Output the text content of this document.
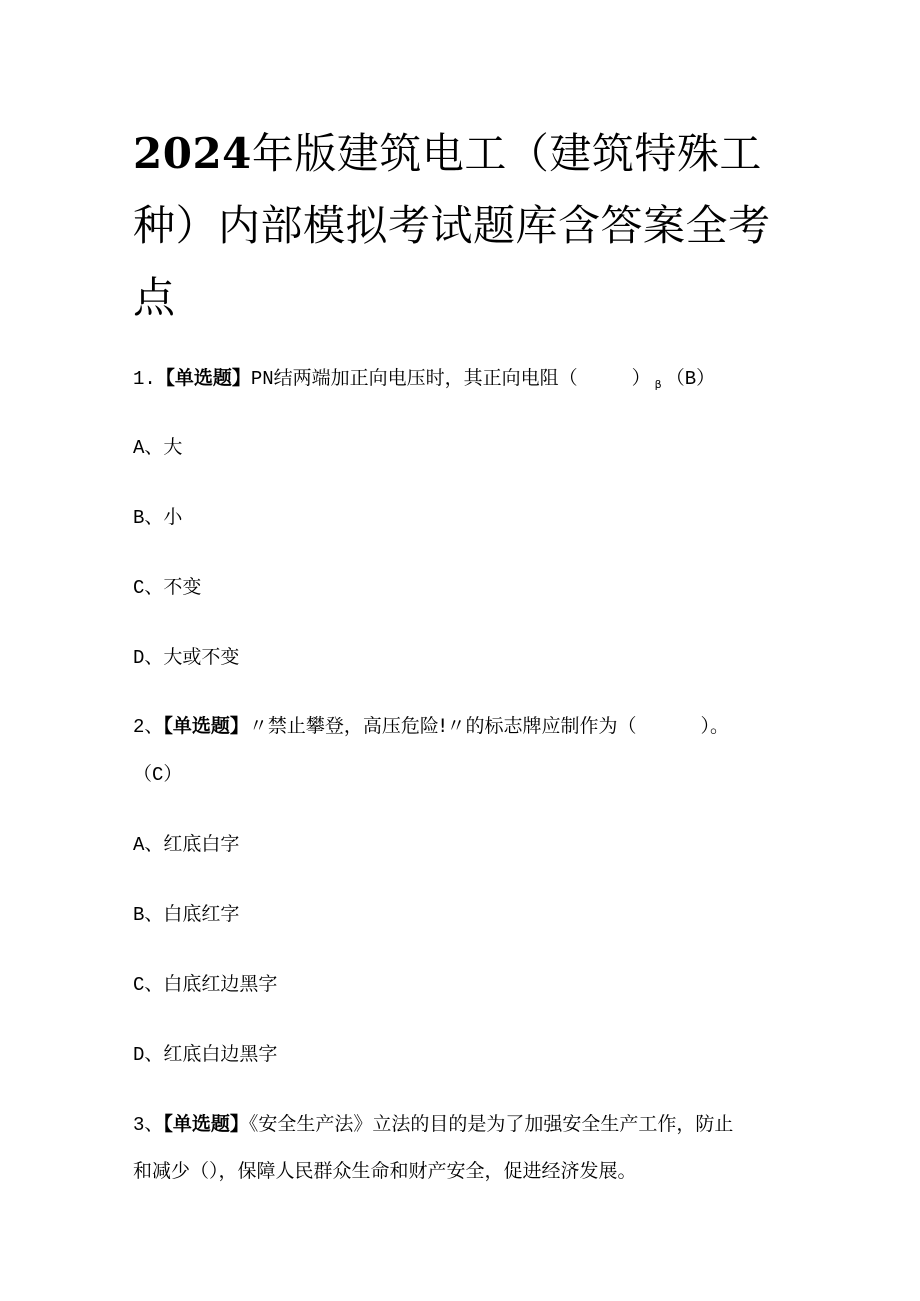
2024年版建筑电工（建筑特殊工种）内部模拟考试题库含答案全考点

1.【单选题】PN结两端加正向电压时，其正向电阻（	） $_\beta$ （B）

A、大

B、小

C、不变

D、大或不变

2、【单选题】〃禁止攀登，高压危险!〃的标志牌应制作为（	）。

（C）

A、红底白字

B、白底红字

C、白底红边黑字

D、红底白边黑字

3、【单选题】《安全生产法》立法的目的是为了加强安全生产工作，防止

和减少（），保障人民群众生命和财产安全，促进经济发展。
